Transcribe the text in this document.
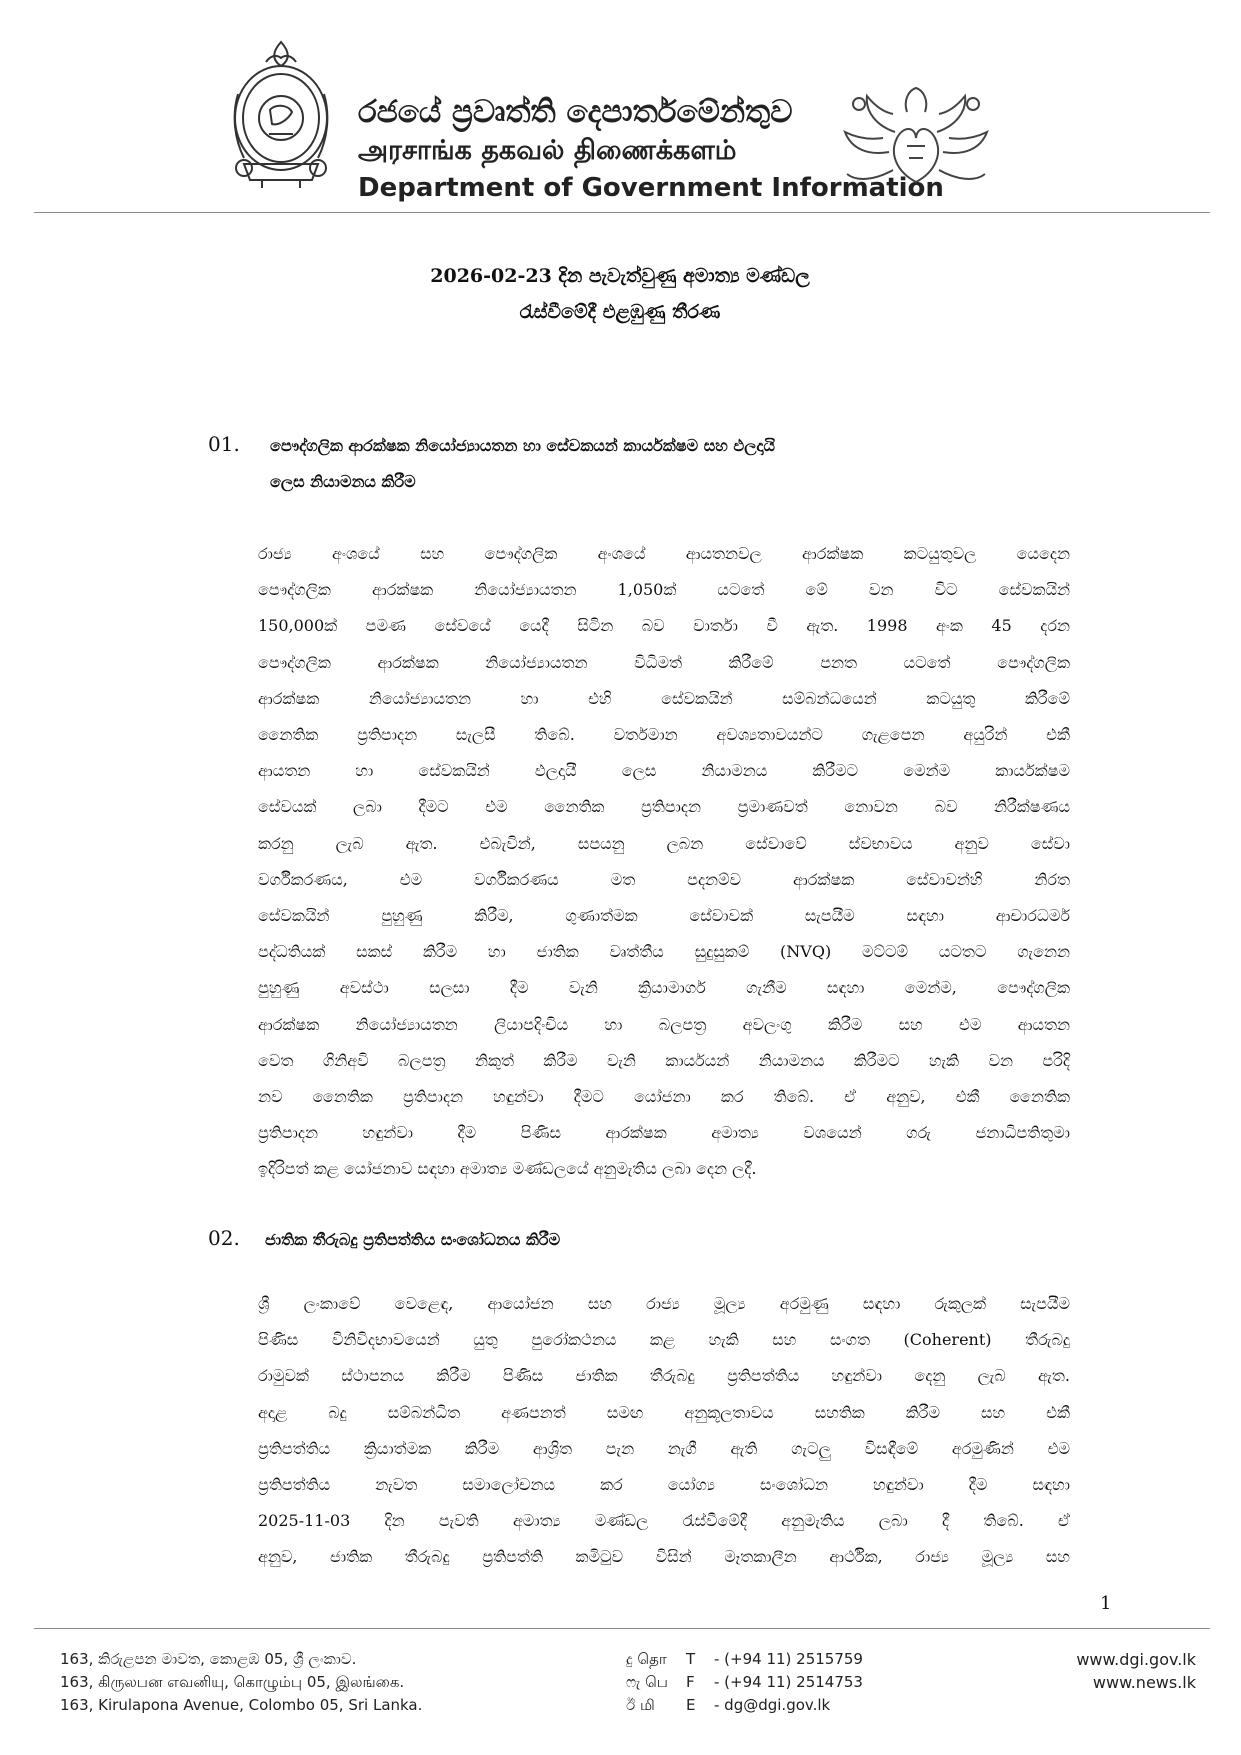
රජයේ ප්‍රවෘත්ති දෙපාර්තමේන්තුව
அரசாங்க தகவல் திணைக்களம்
Department of Government Information
2026-02-23 දින පැවැත්වුණු අමාත්‍ය මණ්ඩල
රැස්වීමේදී එළඹුණු තීරණ
01. පෞද්ගලික ආරක්ෂක නියෝජ්‍යායතන හා සේවකයන් කාර්යක්ෂම සහ ඵලදායි
ලෙස නියාමනය කිරීම
රාජ්‍ය අංශයේ සහ පෞද්ගලික අංශයේ ආයතනවල ආරක්ෂක කටයුතුවල යෙදෙන
පෞද්ගලික ආරක්ෂක නියෝජ්‍යායතන 1,050ක් යටතේ මේ වන විට සේවකයින්
150,000ක් පමණ සේවයේ යෙදී සිටින බව වාර්තා වී ඇත. 1998 අංක 45 දරන
පෞද්ගලික ආරක්ෂක නියෝජ්‍යායතන විධිමත් කිරීමේ පනත යටතේ පෞද්ගලික
ආරක්ෂක නියෝජ්‍යායතන හා එහි සේවකයින් සම්බන්ධයෙන් කටයුතු කිරීමේ
නෛතික ප්‍රතිපාදන සැලසී තිබේ. වර්තමාන අවශ්‍යතාවයන්ට ගැළපෙන අයුරින් එකී
ආයතන හා සේවකයින් ඵලදායී ලෙස නියාමනය කිරීමට මෙන්ම කාර්යක්ෂම
සේවයක් ලබා දීමට එම නෛතික ප්‍රතිපාදන ප්‍රමාණවත් නොවන බව නිරීක්ෂණය
කරනු ලැබ ඇත. එබැවින්, සපයනු ලබන සේවාවේ ස්වභාවය අනුව සේවා
වර්ගීකරණය, එම වර්ගීකරණය මත පදනම්ව ආරක්ෂක සේවාවන්හි නිරත
සේවකයින් පුහුණු කිරීම, ගුණාත්මක සේවාවක් සැපයීම සඳහා ආචාරධර්ම
පද්ධතියක් සකස් කිරීම හා ජාතික වෘත්තීය සුදුසුකම් (NVQ) මට්ටම් යටතට ගැනෙන
පුහුණු අවස්ථා සලසා දීම වැනි ක්‍රියාමාර්ග ගැනීම සඳහා මෙන්ම, පෞද්ගලික
ආරක්ෂක නියෝජ්‍යායතන ලියාපදිංචිය හා බලපත්‍ර අවලංගු කිරීම සහ එම ආයතන
වෙත ගිනිඅවි බලපත්‍ර නිකුත් කිරීම වැනි කාර්යයන් නියාමනය කිරීමට හැකි වන පරිදි
නව නෛතික ප්‍රතිපාදන හඳුන්වා දීමට යෝජනා කර තිබේ. ඒ අනුව, එකී නෛතික
ප්‍රතිපාදන හඳුන්වා දීම පිණිස ආරක්ෂක අමාත්‍ය වශයෙන් ගරු ජනාධිපතිතුමා
ඉදිරිපත් කළ යෝජනාව සඳහා අමාත්‍ය මණ්ඩලයේ අනුමැතිය ලබා දෙන ලදී.
02. ජාතික තීරුබදු ප්‍රතිපත්තිය සංශෝධනය කිරීම
ශ්‍රී ලංකාවේ වෙළෙඳ, ආයෝජන සහ රාජ්‍ය මූල්‍ය අරමුණු සඳහා රුකුලක් සැපයීම
පිණිස විනිවිදභාවයෙන් යුතු පුරෝකථනය කළ හැකි සහ සංගත (Coherent) තීරුබදු
රාමුවක් ස්ථාපනය කිරීම පිණිස ජාතික තීරුබදු ප්‍රතිපත්තිය හඳුන්වා දෙනු ලැබ ඇත.
අදාළ බදු සම්බන්ධිත අණපනත් සමඟ අනුකූලතාවය සහතික කිරීම සහ එකී
ප්‍රතිපත්තිය ක්‍රියාත්මක කිරීම ආශ්‍රිත පැන නැගී ඇති ගැටලු විසඳීමේ අරමුණින් එම
ප්‍රතිපත්තිය නැවත සමාලෝචනය කර යෝග්‍ය සංශෝධන හඳුන්වා දීම සඳහා
2025-11-03 දින පැවති අමාත්‍ය මණ්ඩල රැස්වීමේදී අනුමැතිය ලබා දී තිබේ. ඒ
අනුව, ජාතික තීරුබදු ප්‍රතිපත්ති කමිටුව විසින් මෑතකාලීන ආර්ථික, රාජ්‍ය මූල්‍ය සහ
1
163, කිරුළපන මාවත, කොළඹ 05, ශ්‍රී ලංකාව.
163, கிருலபன எவனியு, கொழும்பு 05, இலங்கை.
163, Kirulapona Avenue, Colombo 05, Sri Lanka.
දු தொ T - (+94 11) 2515759
ෆැ பெ F - (+94 11) 2514753
ඊ மி E - dg@dgi.gov.lk
www.dgi.gov.lk
www.news.lk
